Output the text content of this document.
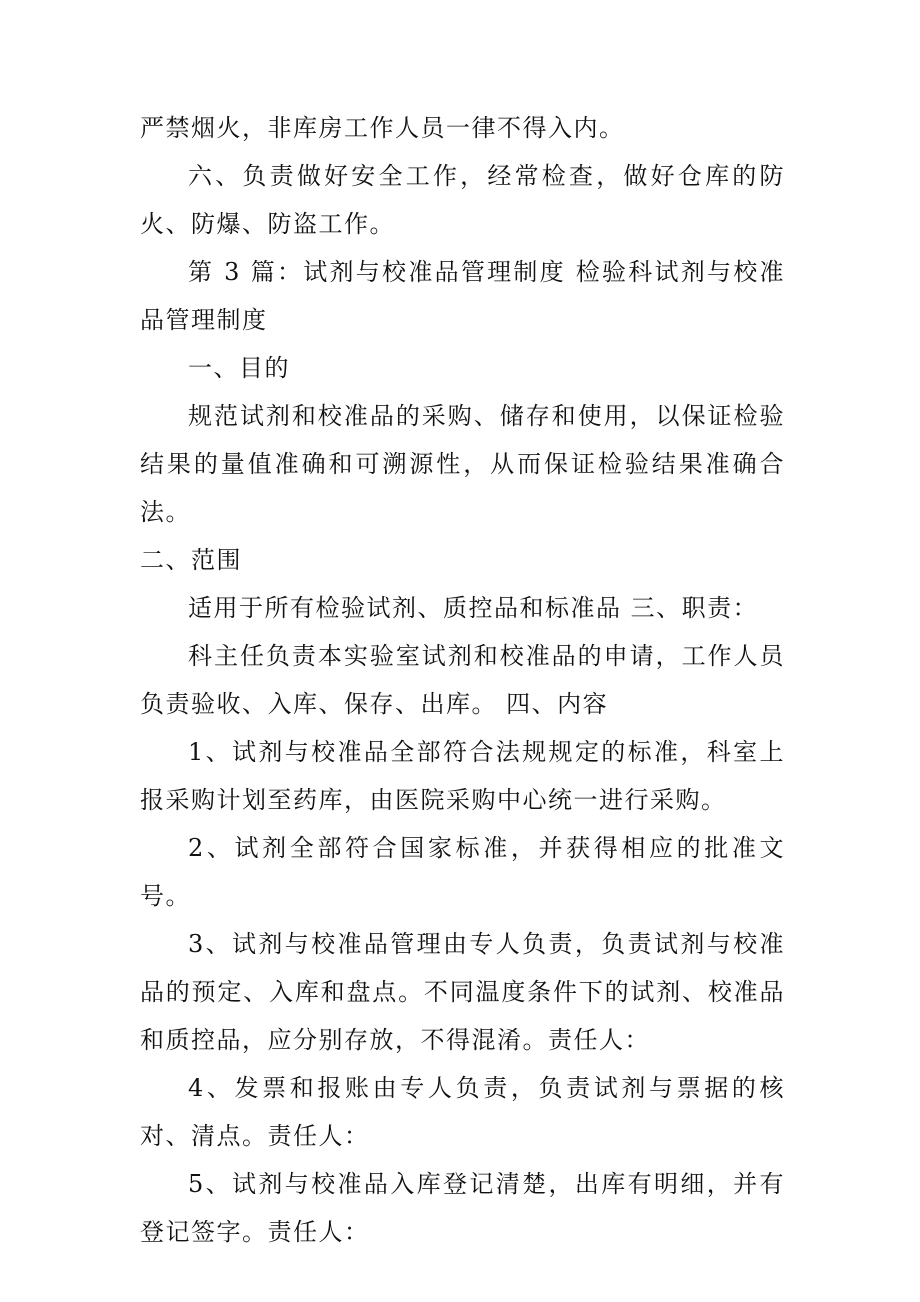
严禁烟火，非库房工作人员一律不得入内。

六、负责做好安全工作，经常检查，做好仓库的防火、防爆、防盗工作。

第 3 篇：试剂与校准品管理制度 检验科试剂与校准品管理制度

一、目的

规范试剂和校准品的采购、储存和使用，以保证检验结果的量值准确和可溯源性，从而保证检验结果准确合法。

二、范围

适用于所有检验试剂、质控品和标准品 三、职责：

科主任负责本实验室试剂和校准品的申请，工作人员负责验收、入库、保存、出库。 四、内容

1、试剂与校准品全部符合法规规定的标准，科室上报采购计划至药库，由医院采购中心统一进行采购。

2、试剂全部符合国家标准，并获得相应的批准文号。

3、试剂与校准品管理由专人负责，负责试剂与校准品的预定、入库和盘点。不同温度条件下的试剂、校准品和质控品，应分别存放，不得混淆。责任人：

4、发票和报账由专人负责，负责试剂与票据的核对、清点。责任人：

5、试剂与校准品入库登记清楚，出库有明细，并有登记签字。责任人：
